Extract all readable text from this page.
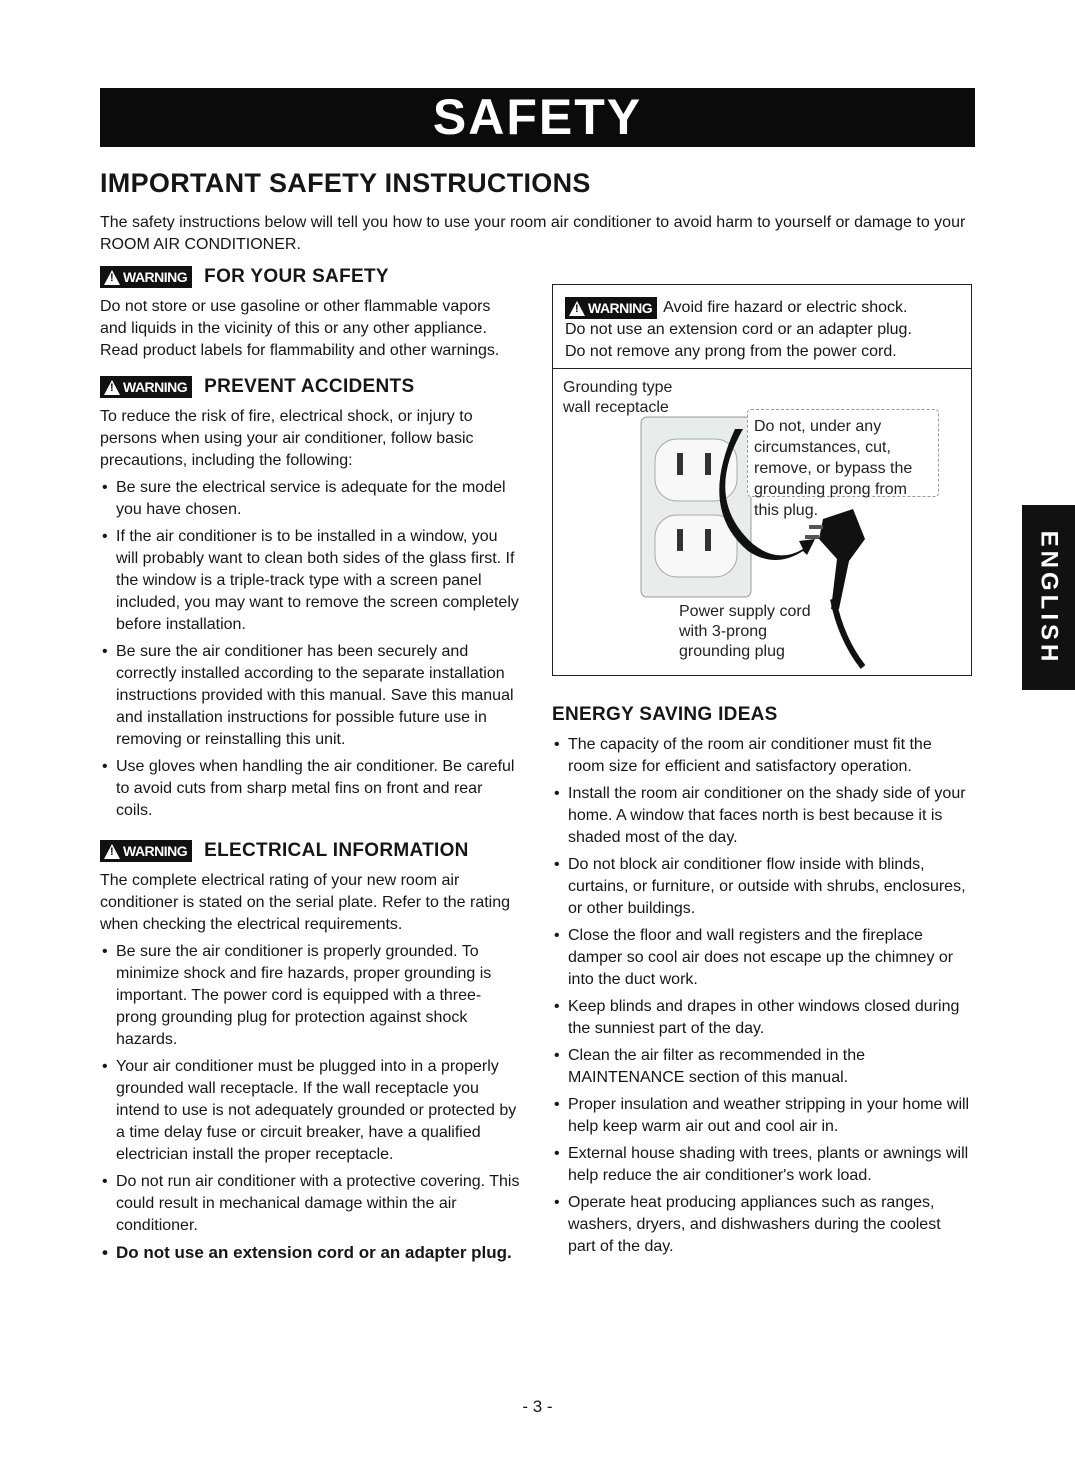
SAFETY
IMPORTANT SAFETY INSTRUCTIONS
The safety instructions below will tell you how to use your room air conditioner to avoid harm to yourself or damage to your ROOM AIR CONDITIONER.
!
WARNING FOR YOUR SAFETY

Do not store or use gasoline or other flammable vapors and liquids in the vicinity of this or any other appliance. Read product labels for flammability and other warnings.

!
WARNING PREVENT ACCIDENTS

To reduce the risk of fire, electrical shock, or injury to persons when using your air conditioner, follow basic precautions, including the following:

• Be sure the electrical service is adequate for the model you have chosen.
• If the air conditioner is to be installed in a window, you will probably want to clean both sides of the glass first. If the window is a triple-track type with a screen panel included, you may want to remove the screen completely before installation.
• Be sure the air conditioner has been securely and correctly installed according to the separate installation instructions provided with this manual. Save this manual and installation instructions for possible future use in removing or reinstalling this unit.
• Use gloves when handling the air conditioner. Be careful to avoid cuts from sharp metal fins on front and rear coils.
!
WARNING ELECTRICAL INFORMATION

The complete electrical rating of your new room air conditioner is stated on the serial plate. Refer to the rating when checking the electrical requirements.

• Be sure the air conditioner is properly grounded. To minimize shock and fire hazards, proper grounding is important. The power cord is equipped with a three-prong grounding plug for protection against shock hazards.
• Your air conditioner must be plugged into in a properly grounded wall receptacle. If the wall receptacle you intend to use is not adequately grounded or protected by a time delay fuse or circuit breaker, have a qualified electrician install the proper receptacle.
• Do not run air conditioner with a protective covering. This could result in mechanical damage within the air conditioner.
• Do not use an extension cord or an adapter plug.
!
WARNING Avoid fire hazard or electric shock.
Do not use an extension cord or an adapter plug.
Do not remove any prong from the power cord.
Grounding type
wall receptacle
Do not, under any circumstances, cut, remove, or bypass the grounding prong from this plug.
Power supply cord
with 3-prong
grounding plug
ENERGY SAVING IDEAS
• The capacity of the room air conditioner must fit the room size for efficient and satisfactory operation.
• Install the room air conditioner on the shady side of your home. A window that faces north is best because it is shaded most of the day.
• Do not block air conditioner flow inside with blinds, curtains, or furniture, or outside with shrubs, enclosures, or other buildings.
• Close the floor and wall registers and the fireplace damper so cool air does not escape up the chimney or into the duct work.
• Keep blinds and drapes in other windows closed during the sunniest part of the day.
• Clean the air filter as recommended in the MAINTENANCE section of this manual.
• Proper insulation and weather stripping in your home will help keep warm air out and cool air in.
• External house shading with trees, plants or awnings will help reduce the air conditioner's work load.
• Operate heat producing appliances such as ranges, washers, dryers, and dishwashers during the coolest part of the day.
ENGLISH
- 3 -
